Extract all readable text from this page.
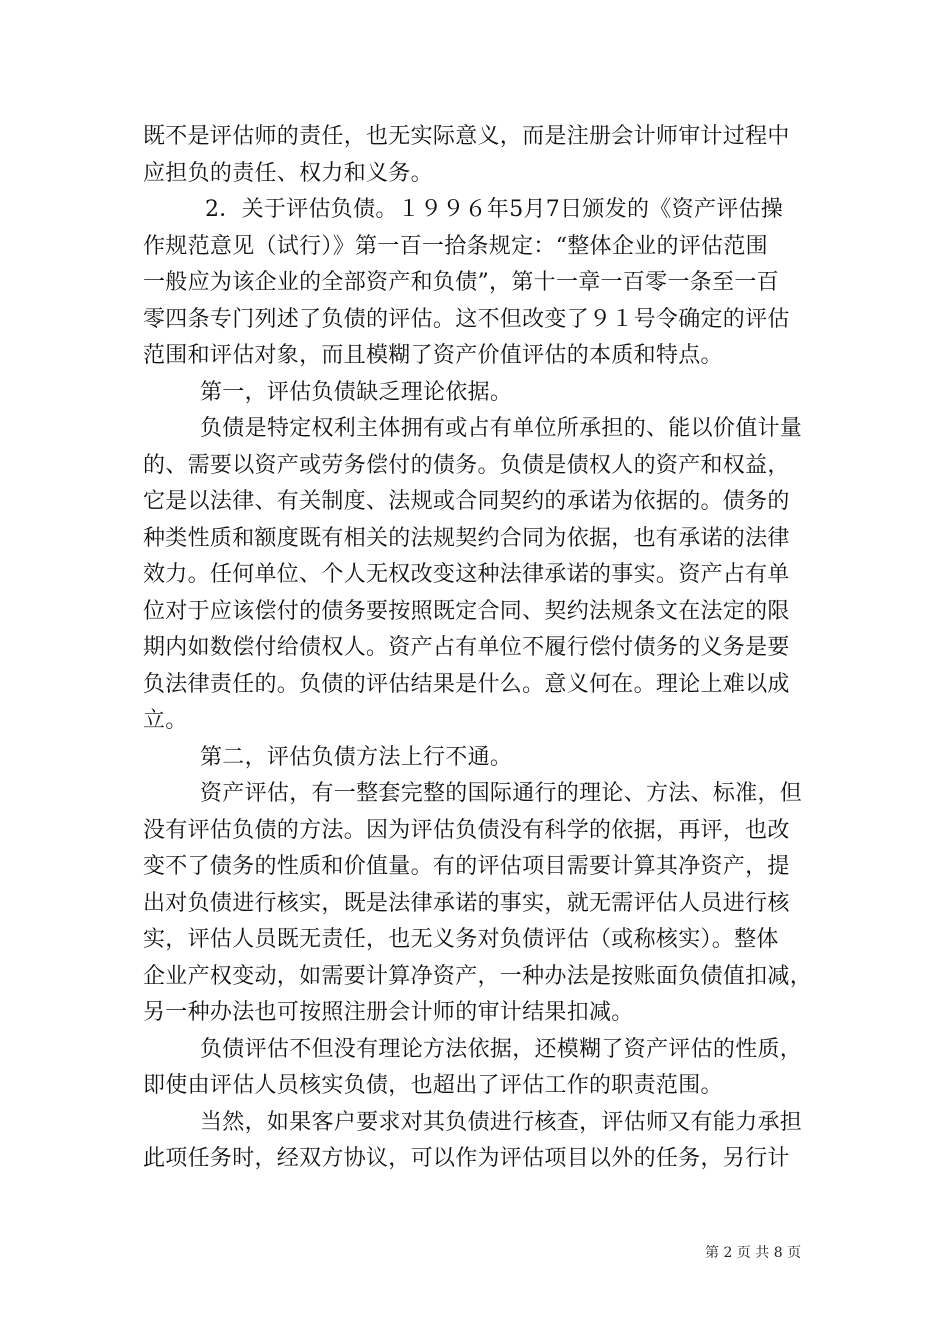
既不是评估师的责任，也无实际意义，而是注册会计师审计过程中
应担负的责任、权力和义务。
2．关于评估负债。１９９６年5月7日颁发的《资产评估操
作规范意见（试行）》第一百一拾条规定：“整体企业的评估范围
一般应为该企业的全部资产和负债”，第十一章一百零一条至一百
零四条专门列述了负债的评估。这不但改变了９１号令确定的评估
范围和评估对象，而且模糊了资产价值评估的本质和特点。
第一，评估负债缺乏理论依据。
负债是特定权利主体拥有或占有单位所承担的、能以价值计量
的、需要以资产或劳务偿付的债务。负债是债权人的资产和权益，
它是以法律、有关制度、法规或合同契约的承诺为依据的。债务的
种类性质和额度既有相关的法规契约合同为依据，也有承诺的法律
效力。任何单位、个人无权改变这种法律承诺的事实。资产占有单
位对于应该偿付的债务要按照既定合同、契约法规条文在法定的限
期内如数偿付给债权人。资产占有单位不履行偿付债务的义务是要
负法律责任的。负债的评估结果是什么。意义何在。理论上难以成
立。
第二，评估负债方法上行不通。
资产评估，有一整套完整的国际通行的理论、方法、标准，但
没有评估负债的方法。因为评估负债没有科学的依据，再评，也改
变不了债务的性质和价值量。有的评估项目需要计算其净资产，提
出对负债进行核实，既是法律承诺的事实，就无需评估人员进行核
实，评估人员既无责任，也无义务对负债评估（或称核实）。整体
企业产权变动，如需要计算净资产，一种办法是按账面负债值扣减，
另一种办法也可按照注册会计师的审计结果扣减。
负债评估不但没有理论方法依据，还模糊了资产评估的性质，
即使由评估人员核实负债，也超出了评估工作的职责范围。
当然，如果客户要求对其负债进行核查，评估师又有能力承担
此项任务时，经双方协议，可以作为评估项目以外的任务，另行计
第 2 页 共 8 页
